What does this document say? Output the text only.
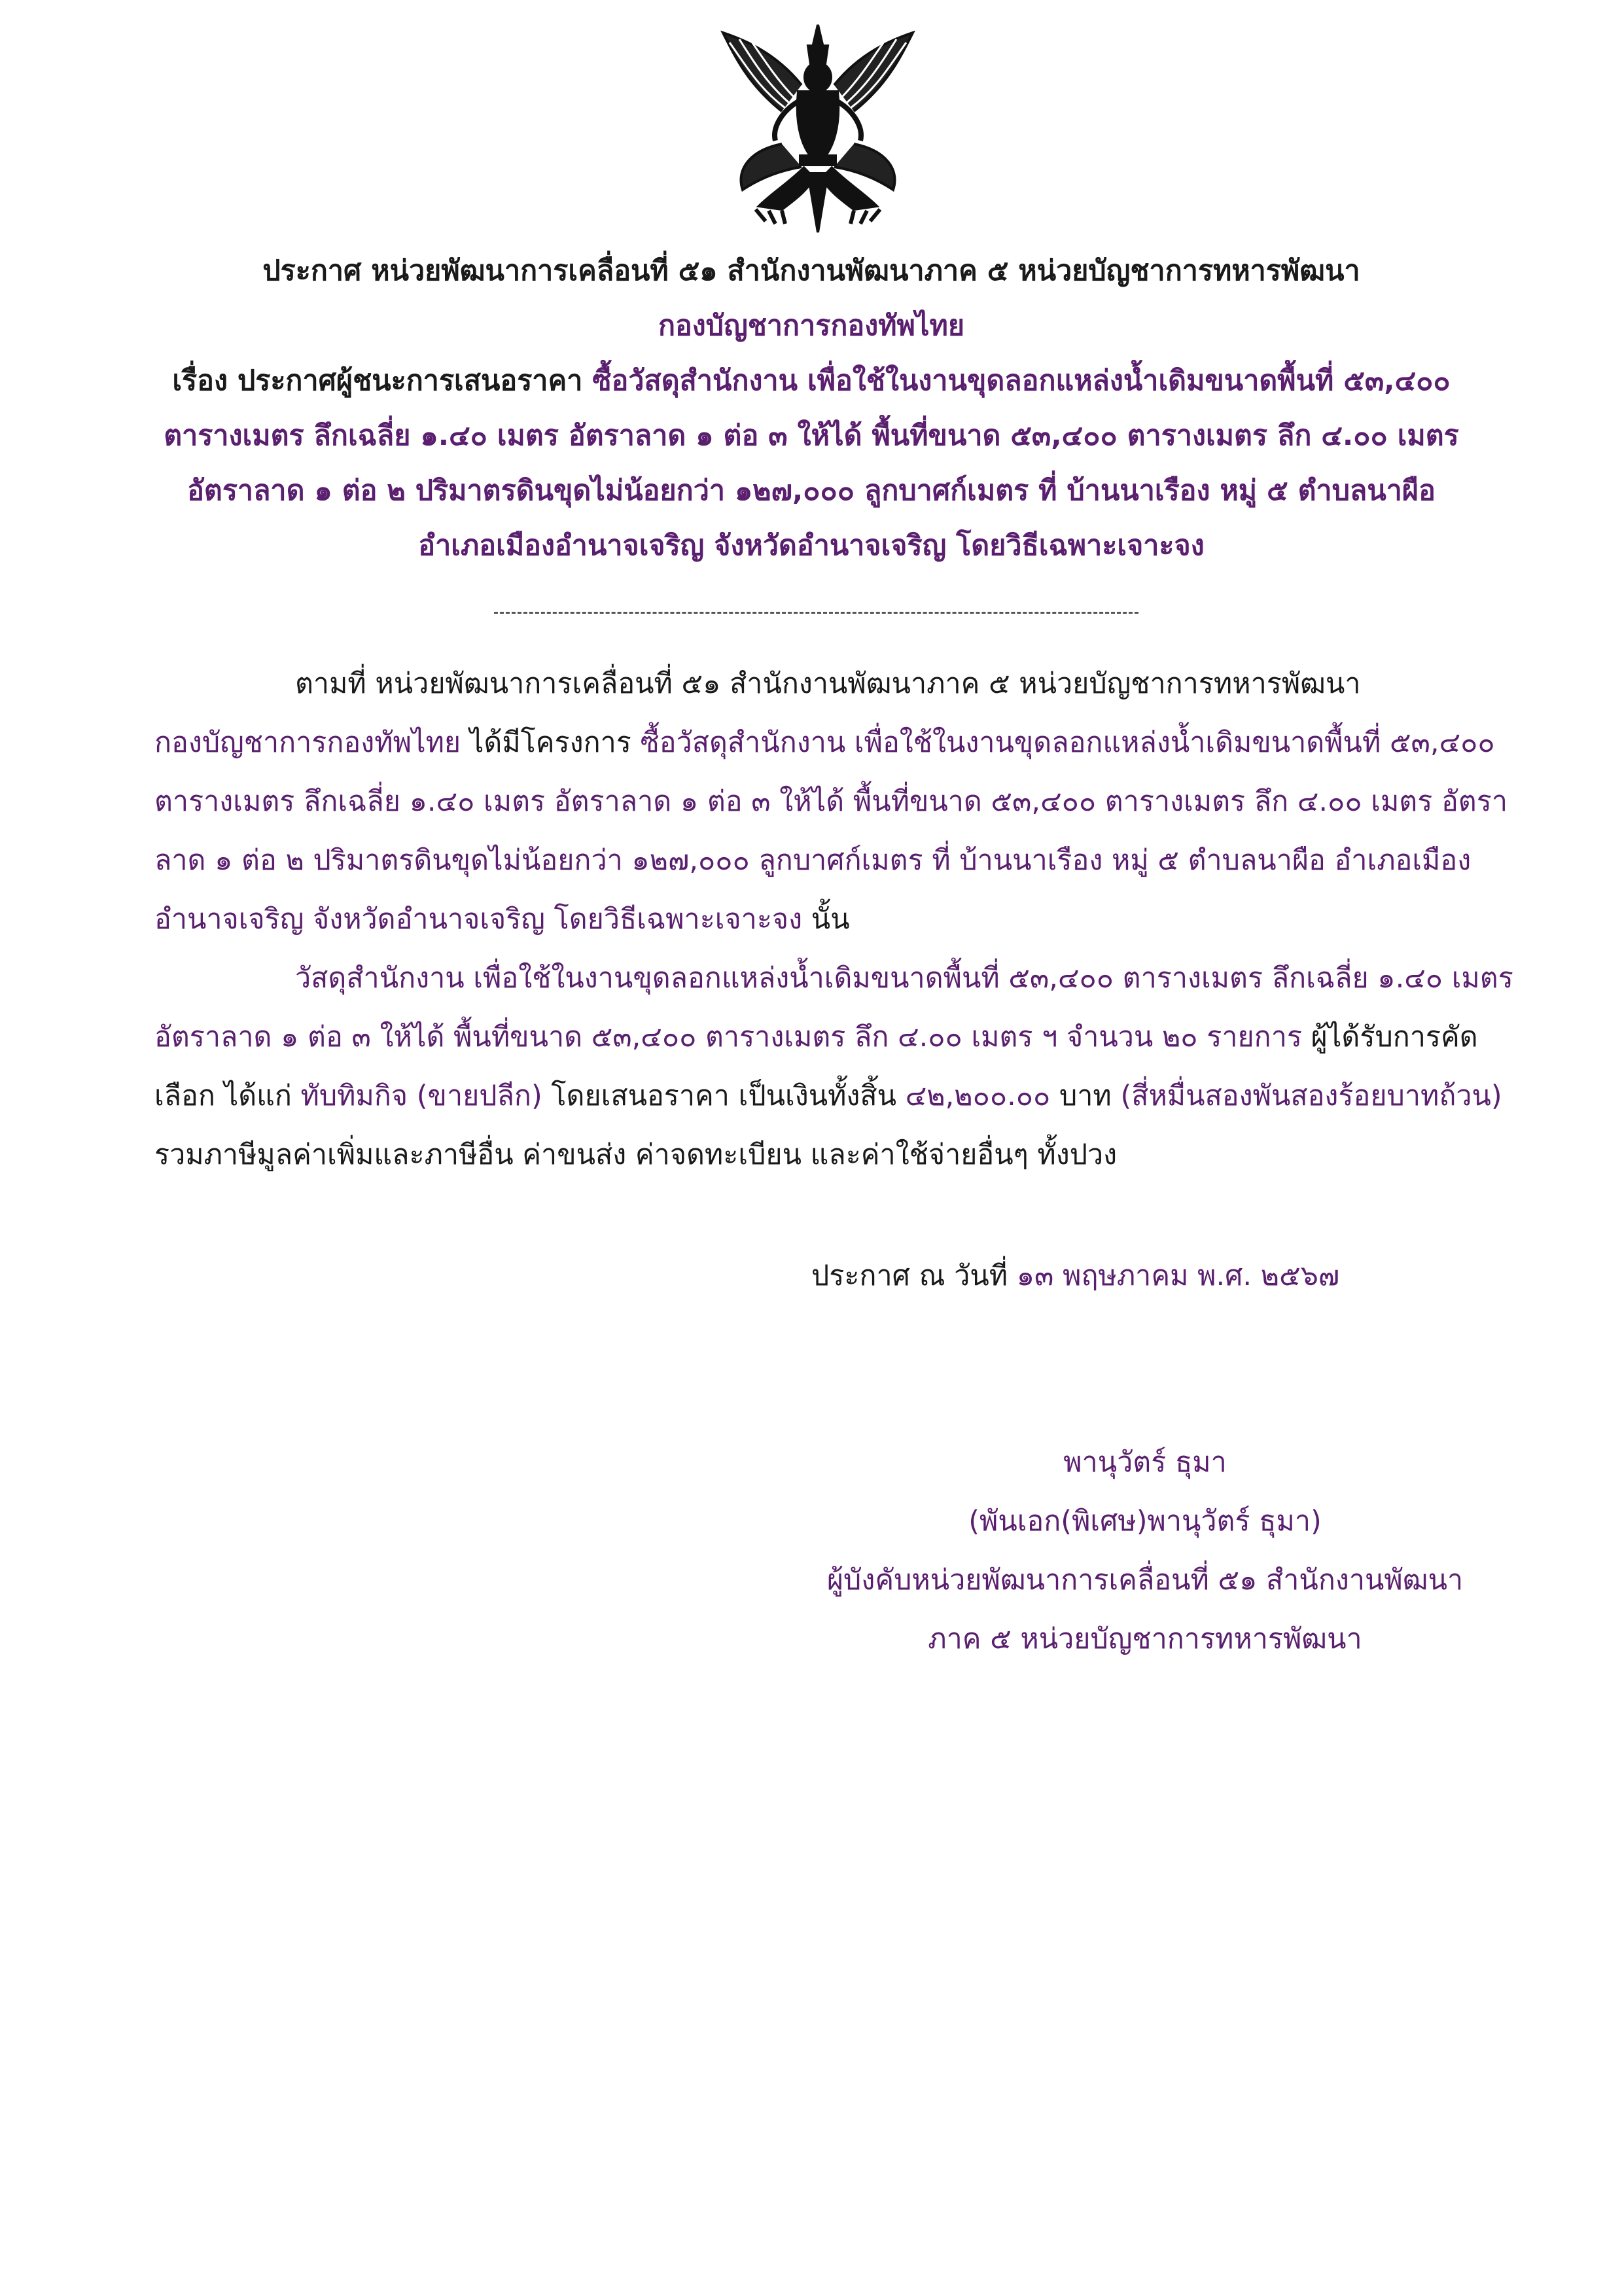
ประกาศ หน่วยพัฒนาการเคลื่อนที่ ๕๑ สำนักงานพัฒนาภาค ๕ หน่วยบัญชาการทหารพัฒนา
กองบัญชาการกองทัพไทย
เรื่อง ประกาศผู้ชนะการเสนอราคา ซื้อวัสดุสำนักงาน เพื่อใช้ในงานขุดลอกแหล่งน้ำเดิมขนาดพื้นที่ ๕๓,๔๐๐
ตารางเมตร ลึกเฉลี่ย ๑.๔๐ เมตร อัตราลาด ๑ ต่อ ๓ ให้ได้ พื้นที่ขนาด ๕๓,๔๐๐ ตารางเมตร ลึก ๔.๐๐ เมตร
อัตราลาด ๑ ต่อ ๒ ปริมาตรดินขุดไม่น้อยกว่า ๑๒๗,๐๐๐ ลูกบาศก์เมตร ที่ บ้านนาเรือง หมู่ ๕ ตำบลนาผือ
อำเภอเมืองอำนาจเจริญ จังหวัดอำนาจเจริญ โดยวิธีเฉพาะเจาะจง
ตามที่ หน่วยพัฒนาการเคลื่อนที่ ๕๑ สำนักงานพัฒนาภาค ๕ หน่วยบัญชาการทหารพัฒนา
กองบัญชาการกองทัพไทย ได้มีโครงการ ซื้อวัสดุสำนักงาน เพื่อใช้ในงานขุดลอกแหล่งน้ำเดิมขนาดพื้นที่ ๕๓,๔๐๐
ตารางเมตร ลึกเฉลี่ย ๑.๔๐ เมตร อัตราลาด ๑ ต่อ ๓ ให้ได้ พื้นที่ขนาด ๕๓,๔๐๐ ตารางเมตร ลึก ๔.๐๐ เมตร อัตรา
ลาด ๑ ต่อ ๒ ปริมาตรดินขุดไม่น้อยกว่า ๑๒๗,๐๐๐ ลูกบาศก์เมตร ที่ บ้านนาเรือง หมู่ ๕ ตำบลนาผือ อำเภอเมือง
อำนาจเจริญ จังหวัดอำนาจเจริญ โดยวิธีเฉพาะเจาะจง นั้น
วัสดุสำนักงาน เพื่อใช้ในงานขุดลอกแหล่งน้ำเดิมขนาดพื้นที่ ๕๓,๔๐๐ ตารางเมตร ลึกเฉลี่ย ๑.๔๐ เมตร
อัตราลาด ๑ ต่อ ๓ ให้ได้ พื้นที่ขนาด ๕๓,๔๐๐ ตารางเมตร ลึก ๔.๐๐ เมตร ฯ จำนวน ๒๐ รายการ ผู้ได้รับการคัด
เลือก ได้แก่ ทับทิมกิจ (ขายปลีก) โดยเสนอราคา เป็นเงินทั้งสิ้น ๔๒,๒๐๐.๐๐ บาท (สี่หมื่นสองพันสองร้อยบาทถ้วน)
รวมภาษีมูลค่าเพิ่มและภาษีอื่น ค่าขนส่ง ค่าจดทะเบียน และค่าใช้จ่ายอื่นๆ ทั้งปวง
ประกาศ ณ วันที่ ๑๓ พฤษภาคม พ.ศ. ๒๕๖๗
พานุวัตร์ ธุมา
(พันเอก(พิเศษ)พานุวัตร์ ธุมา)
ผู้บังคับหน่วยพัฒนาการเคลื่อนที่ ๕๑ สำนักงานพัฒนา
ภาค ๕ หน่วยบัญชาการทหารพัฒนา
